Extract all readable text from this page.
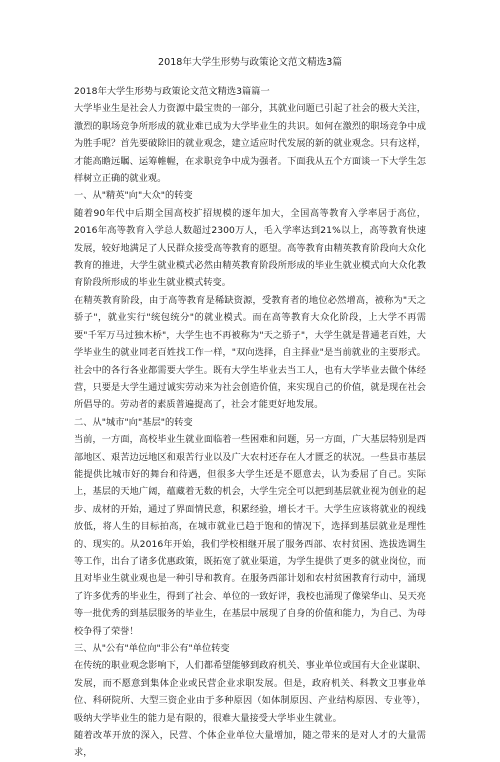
2018年大学生形势与政策论文范文精选3篇

2018年大学生形势与政策论文范文精选3篇篇一

大学毕业生是社会人力资源中最宝贵的一部分，其就业问题已引起了社会的极大关注，激烈的职场竞争所形成的就业难已成为大学毕业生的共识。如何在激烈的职场竞争中成为胜手呢？首先要破除旧的就业观念，建立适应时代发展的新的就业观念。只有这样，才能高瞻远瞩、运筹帷幄，在求职竞争中成为强者。下面我从五个方面谈一下大学生怎样树立正确的就业观。

一、从"精英"向"大众"的转变

随着90年代中后期全国高校扩招规模的逐年加大，全国高等教育入学率居于高位，2016年高等教育入学总人数超过2300万人，毛入学率达到21%以上，高等教育快速发展，较好地满足了人民群众接受高等教育的愿望。高等教育由精英教育阶段向大众化教育的推进，大学生就业模式必然由精英教育阶段所形成的毕业生就业模式向大众化教育阶段所形成的毕业生就业模式转变。

在精英教育阶段，由于高等教育是稀缺资源，受教育者的地位必然增高，被称为"天之骄子"，就业实行"统包统分"的就业模式。而在高等教育大众化阶段，上大学不再需要"千军万马过独木桥"，大学生也不再被称为"天之骄子"，大学生就是普通老百姓，大学毕业生的就业同老百姓找工作一样，"双向选择，自主择业"是当前就业的主要形式。社会中的各行各业都需要大学生。既有大学生毕业去当工人，也有大学毕业去做个体经营，只要是大学生通过诚实劳动来为社会创造价值，来实现自己的价值，就是现在社会所倡导的。劳动者的素质普遍提高了，社会才能更好地发展。

二、从"城市"向"基层"的转变

当前，一方面，高校毕业生就业面临着一些困难和问题，另一方面，广大基层特别是西部地区、艰苦边远地区和艰苦行业以及广大农村还存在人才匮乏的状况。一些县市基层能提供比城市好的舞台和待遇，但很多大学生还是不愿意去，认为委屈了自己。实际上，基层的天地广阔，蕴藏着无数的机会，大学生完全可以把到基层就业视为创业的起步、成材的开始，通过了界面情民意，积累经验，增长才干。大学生应该将就业的视线放低，将人生的目标拍高，在城市就业已趋于饱和的情况下，选择到基层就业是理性的、现实的。从2016年开始，我们学校相继开展了服务西部、农村贫困、选拔选调生等工作，出台了诸多优惠政策，既拓宽了就业渠道，为学生提供了更多的就业岗位，而且对毕业生就业观也是一种引导和教育。在服务西部计划和农村贫困教育行动中，涌现了许多优秀的毕业生，得到了社会、单位的一致好评，我校也涌现了像梁华山、吴天亮等一批优秀的到基层服务的毕业生，在基层中展现了自身的价值和能力，为自己、为母校争得了荣誉！

三、从"公有"单位向"非公有"单位转变

在传统的职业观念影响下，人们都希望能够到政府机关、事业单位或国有大企业谋职、发展，而不愿意到集体企业或民营企业求职发展。但是，政府机关、科教文卫事业单位、科研院所、大型三资企业由于多种原因（如体制原因、产业结构原因、专业等），吸纳大学毕业生的能力是有限的，很难大量接受大学毕业生就业。

随着改革开放的深入，民营、个体企业单位大量增加，随之带来的是对人才的大量需求，
